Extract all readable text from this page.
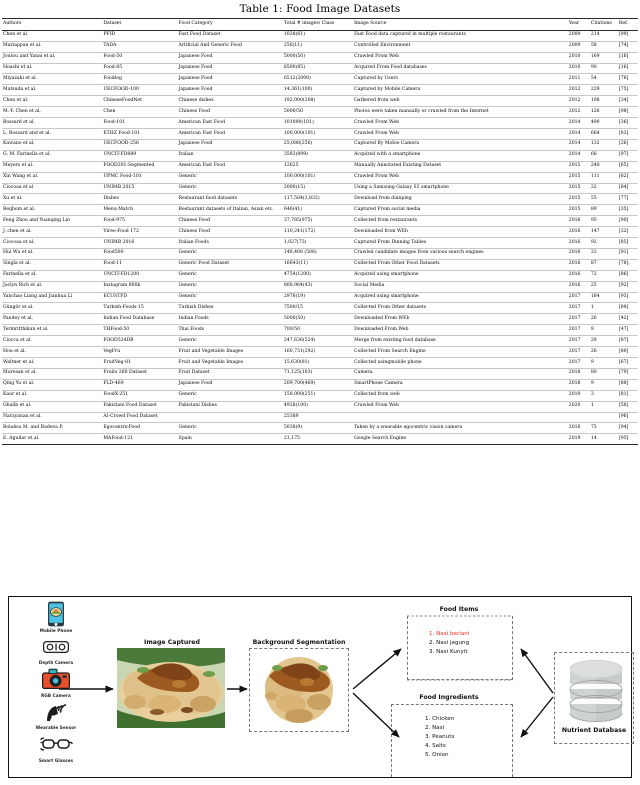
Table 1: Food Image Datasets
Authors	Dataset	Food Category	Total # images/ Class	Image Source	Year	Citations	Ref.
Chen et al.	PFID	Fast Food Dataset	1038(61)	Fast Food data captured in multiple restaurants	2009	214	[99]
Mariappan et al.	TADA	Artificial And Generic Food	256(11)	Controlled Environment	2009	58	[74]
Joutou and Yanai et al.	Food-50	Japanese Food	5000(50)	Crawled From Web	2010	169	[16]
Hoashi et al.	Food-85	Japanese Food	8500(85)	Acquired From Food databases	2010	90	[16]
Miyazaki et al.	Foodlog	Japanese Food	6512(2000)	Captured by Users	2011	54	[76]
Matsuda et al.	UECFOOD-100	Japanese Food	14,361(100)	Captured by Mobile Camera	2012	229	[75]
Chen et al.	ChineseFoodNet	Chinese dishes.	192,000(208)	Gathered from web	2012	108	[34]
M.-Y. Chen et al.	Chen	Chinese Food	5000/50	Photos were taken manually or crawled from the Internet	2012	126	[98]
Bossard et al.	Food-101	American Fast Food	101000(101)	Crawled From Web	2014	490	[36]
L. Bossard and et al.	ETHZ Food-101	American Fast Food	100,000(101)	Crawled From Web	2014	664	[83]
Kawano et al.	UECFOOD-256	Japanese Food	25,088(256)	Captured By Mobie Camera	2014	132	[26]
G. M. Farinella et al.	UNCIT-FD889	Italian	3583(899)	Acquired with a smartphone	2014	66	[97]
Meyers et al.	FOOD201-Segmented	American Fast Food	12625	Manually Annotated Existing Dataset	2015	240	[65]
Xin Wang et al.	UPMC Food-101	Generic	100,000(101)	Crawled From Web	2015	111	[82]
Ciocoaa et al	UNIMB 2015	Generic	2000(15)	Using a Samsung Galaxy S3 smartphone	2015	32	[84]
Xu et al.	Dishes	Restaurant food datasets	117,504(3,832)	Download from dianping	2015	55	[77]
Beijbom et al.	Menu-Match	Restaurant datasets of Italian, Asian etc.	646(41)	Captured From social media	2015	89	[35]
Feng Zhou and Yuanqing Lin	Food-975	Chinese Food	37,785(975)	Collected from restaurants	2016	95	[90]
J. chen et al.	Vireo-Food 172	Chinese Food	110,241(172)	Downloaded from WEb	2016	147	[32]
Ciocoaa et al.	UNIMB 2016	Italian Foods	1,027(73)	Captured From Dinning Tables	2016	92	[85]
Hui Wu et al.	Food500	Generic	148,408 (508)	Crawled candidate images from various search engines	2016	33	[91]
Singla et al.	Food-11	Generic Food Dataset	16643(11)	Collected From Other Food Datasets	2016	87	[78].
Farinella et al.	UNCIT-FD1200	Generic	4754(1200)	Acquired using smartphone	2016	72	[86]
Jaclyn Rich et al.	Instagram 800k	Generic	808,964(43)	Social Media	2016	25	[92]
Yanchao Liang and Jianhua Li	ECUSTFD	Generic	2978(19)	Acquired using smartphone	2017	164	[93]
Güngör et al.	Turkish-Foods-15	Turkish Dishes	7500/15	Collected From Other datasets	2017	1	[89]
Pandey et al,	Indian Food Database	Indian Foods	5000(50)	Downloaded From WEb	2017	26	[42]
Termritthikun et al.	THFood-50	Thai Foods	700/50	Downloaded From Web	2017	9	[47]
Ciocca et al.	FOOD524DB	Generic	247,636(524)	Merge from existing food database	2017	29	[87]
Hou et al.	VegFru	Fruit and Vegetable Images	160,731(292)	Collected From Search Engine	2017	26	[80]
Waltner et al.	FruitVeg-81	Fruit and Vegetable Images	15,630(81)	Collected usingmobile phone	2017	9	[67]
Muresan et al.	Fruits 360 Dataset	Fruit Dataset	71,125(103)	Camera	2018	80	[79]
Qing Yu et al.	FLD-469	Japanese Food	209,700(469)	SmartPhone Camera	2018	9	[88]
Kaur et al.	FoodX-251	Generic	158,000(251)	Collected from web	2019	3	[81]
Ghalib et al.	Pakistani Food Dataset	Pakistani Dishes	4928(100)	Crawled From Web	2020	1	[58]
Narayanan et al.	AI-Crowd Food Dataset		25389				[96]
Bolaños M. and Radeva P.	EgocentricFood	Generic	5038(9)	Taken by a wearable egocentric vision camera	2016	75	[94]
E. Aguilar et al.	MAFood-121	Spain	21,175	Google Search Engine	2019	14	[95]
Mobile Phone
Depth Camera
RGB Camera
Wearable Sensor
Smart Glasses
Image Captured	Background Segmentation
Food Items
1. Nasi beriani
2. Nasi jagung
3. Nasi Kunyit
Food Ingredients
1. Chicken
2. Nasi
3. Peanuts
4. Salts
5. Onion
Nutrient Database
